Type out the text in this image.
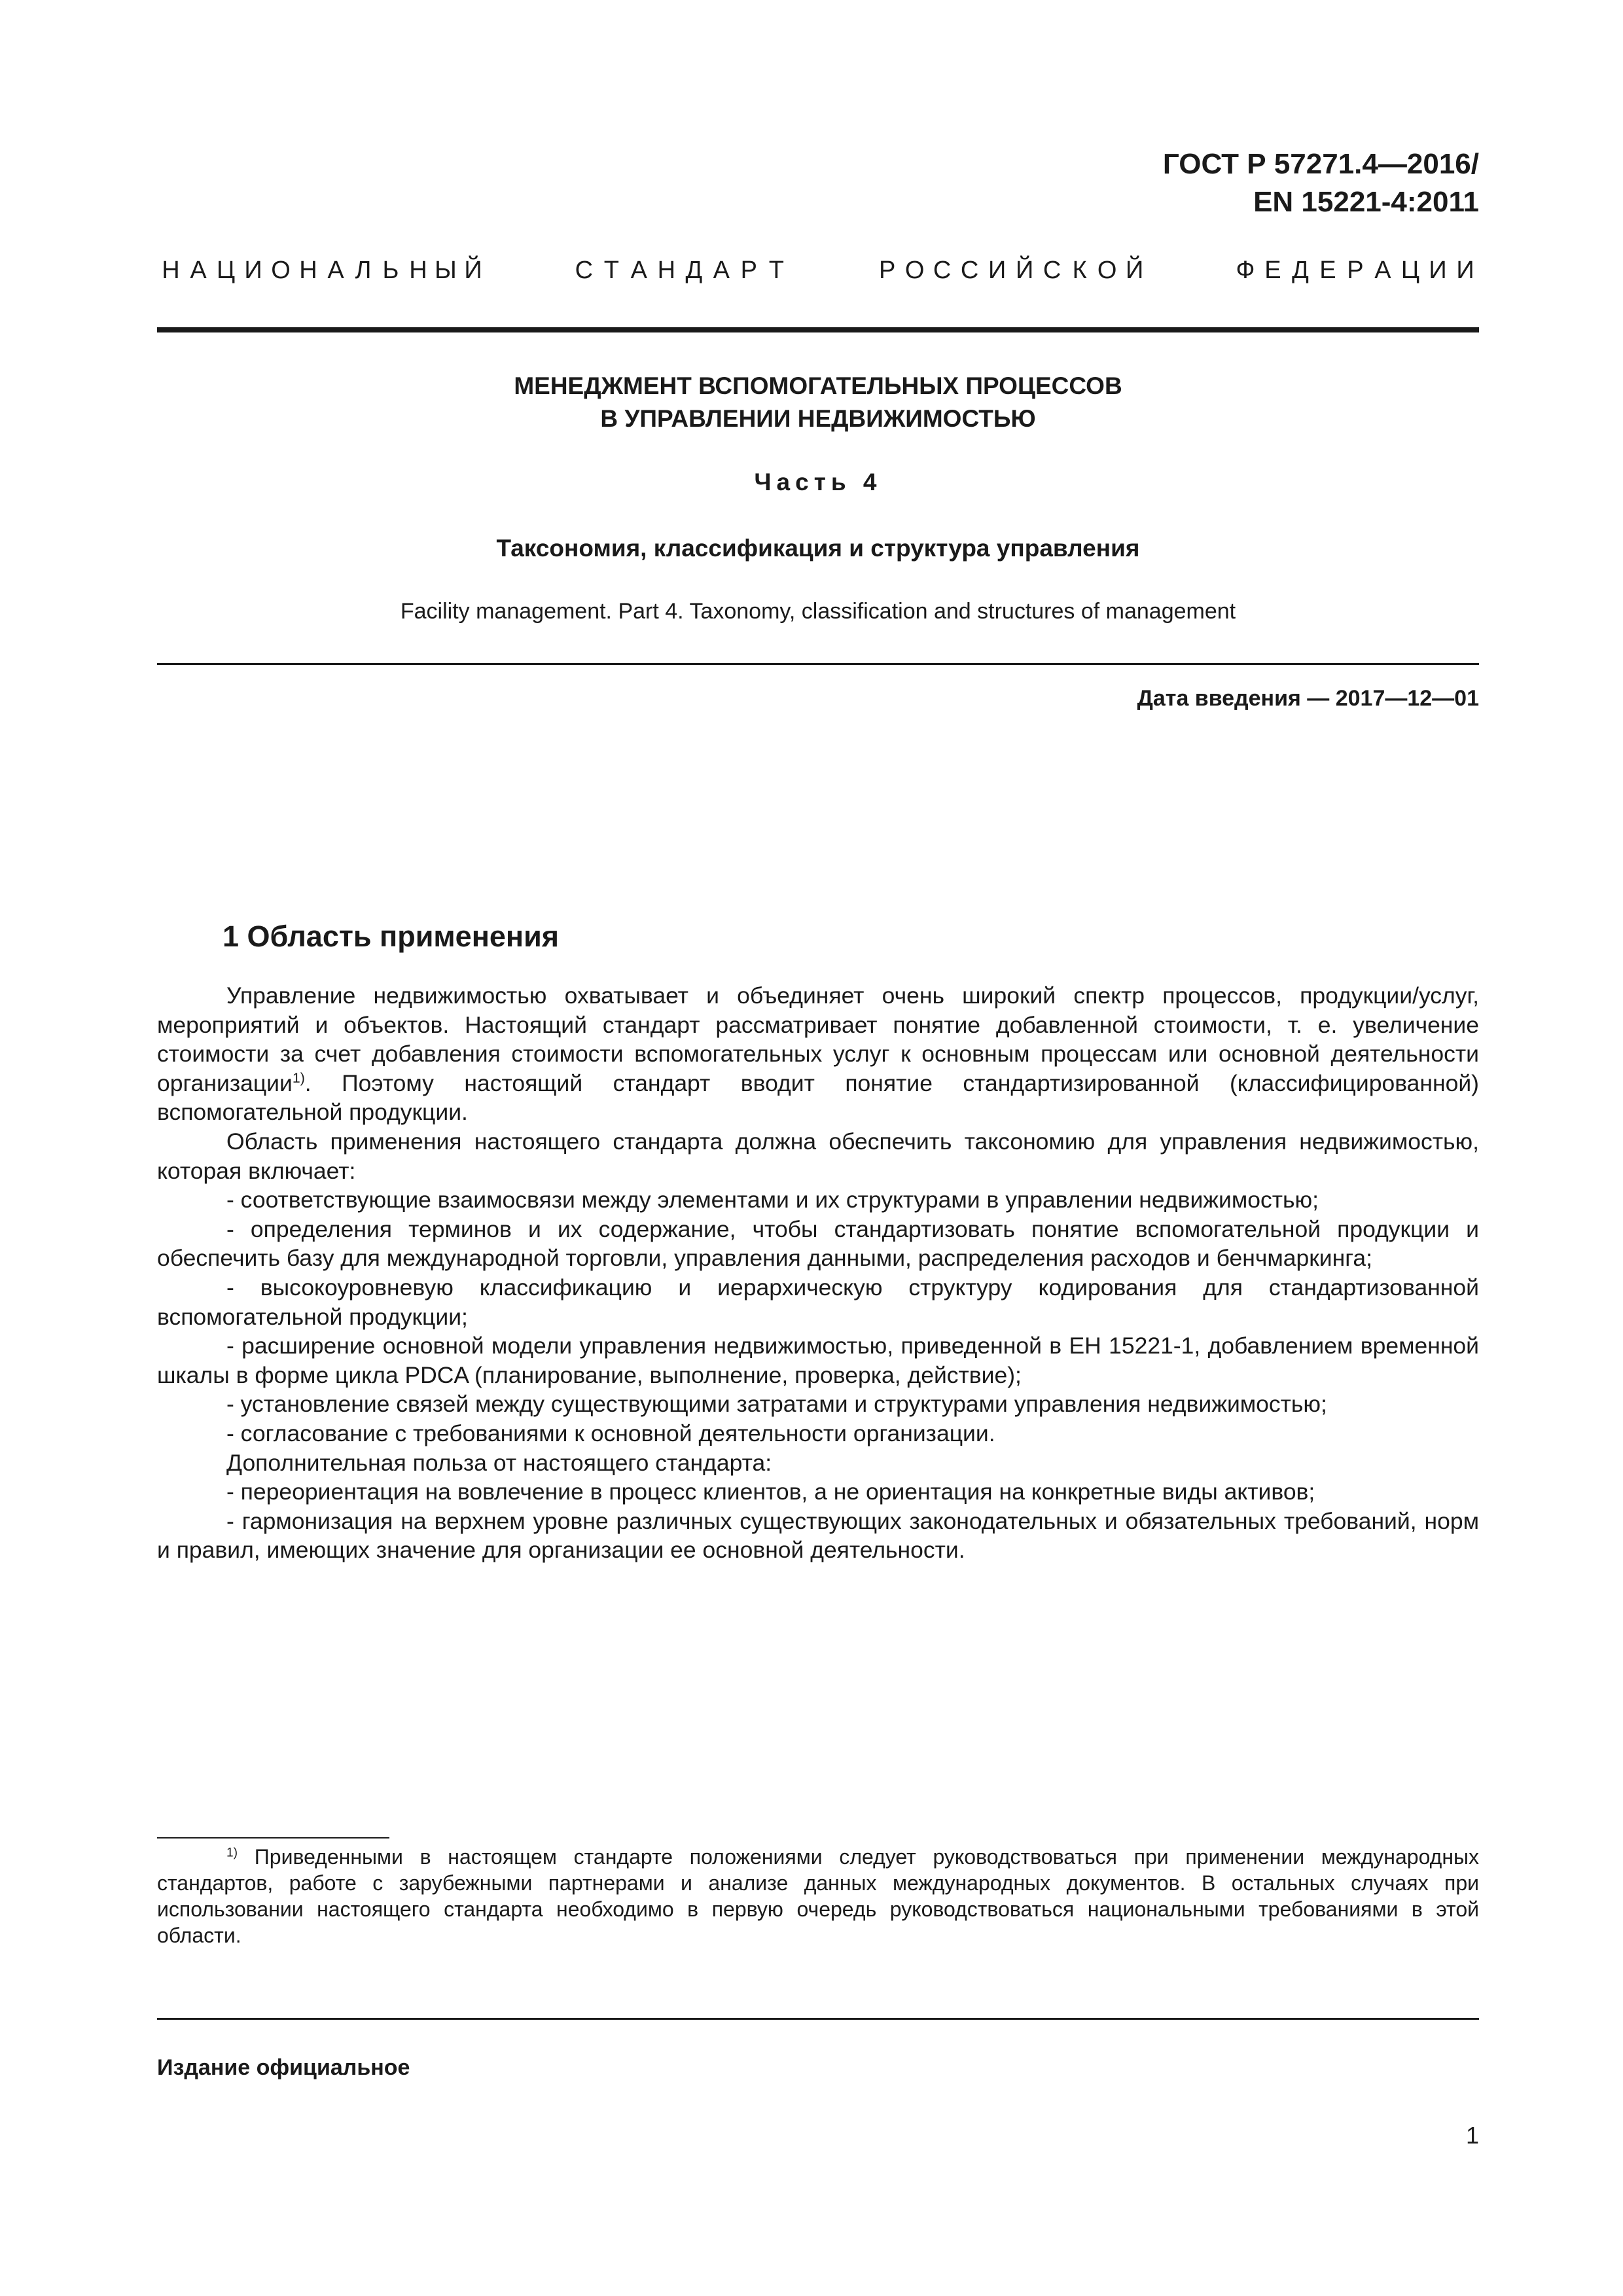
ГОСТ Р 57271.4—2016/
EN 15221-4:2011
Н А Ц И О Н А Л Ь Н Ы Й	С Т А Н Д А Р Т	Р О С С И Й С К О Й	Ф Е Д Е Р А Ц И И
МЕНЕДЖМЕНТ ВСПОМОГАТЕЛЬНЫХ ПРОЦЕССОВ
В УПРАВЛЕНИИ НЕДВИЖИМОСТЬЮ
Часть 4
Таксономия, классификация и структура управления
Facility management. Part 4. Taxonomy, classification and structures of management
Дата введения — 2017—12—01
1 Область применения

Управление недвижимостью охватывает и объединяет очень широкий спектр процессов, продукции/услуг, мероприятий и объектов. Настоящий стандарт рассматривает понятие добавленной стоимости, т. е. увеличение стоимости за счет добавления стоимости вспомогательных услуг к основным процессам или основной деятельности организации$^{1)}$. Поэтому настоящий стандарт вводит понятие стандартизированной (классифицированной) вспомогательной продукции.

Область применения настоящего стандарта должна обеспечить таксономию для управления недвижимостью, которая включает:

- соответствующие взаимосвязи между элементами и их структурами в управлении недвижимостью;

- определения терминов и их содержание, чтобы стандартизовать понятие вспомогательной продукции и обеспечить базу для международной торговли, управления данными, распределения расходов и бенчмаркинга;

- высокоуровневую классификацию и иерархическую структуру кодирования для стандартизованной вспомогательной продукции;

- расширение основной модели управления недвижимостью, приведенной в ЕН 15221-1, добавлением временной шкалы в форме цикла PDCA (планирование, выполнение, проверка, действие);

- установление связей между существующими затратами и структурами управления недвижимостью;

- согласование с требованиями к основной деятельности организации.

Дополнительная польза от настоящего стандарта:

- переориентация на вовлечение в процесс клиентов, а не ориентация на конкретные виды активов;

- гармонизация на верхнем уровне различных существующих законодательных и обязательных требований, норм и правил, имеющих значение для организации ее основной деятельности.

$^{1)}$ Приведенными в настоящем стандарте положениями следует руководствоваться при применении международных стандартов, работе с зарубежными партнерами и анализе данных международных документов. В остальных случаях при использовании настоящего стандарта необходимо в первую очередь руководствоваться национальными требованиями в этой области.

Издание официальное
1
